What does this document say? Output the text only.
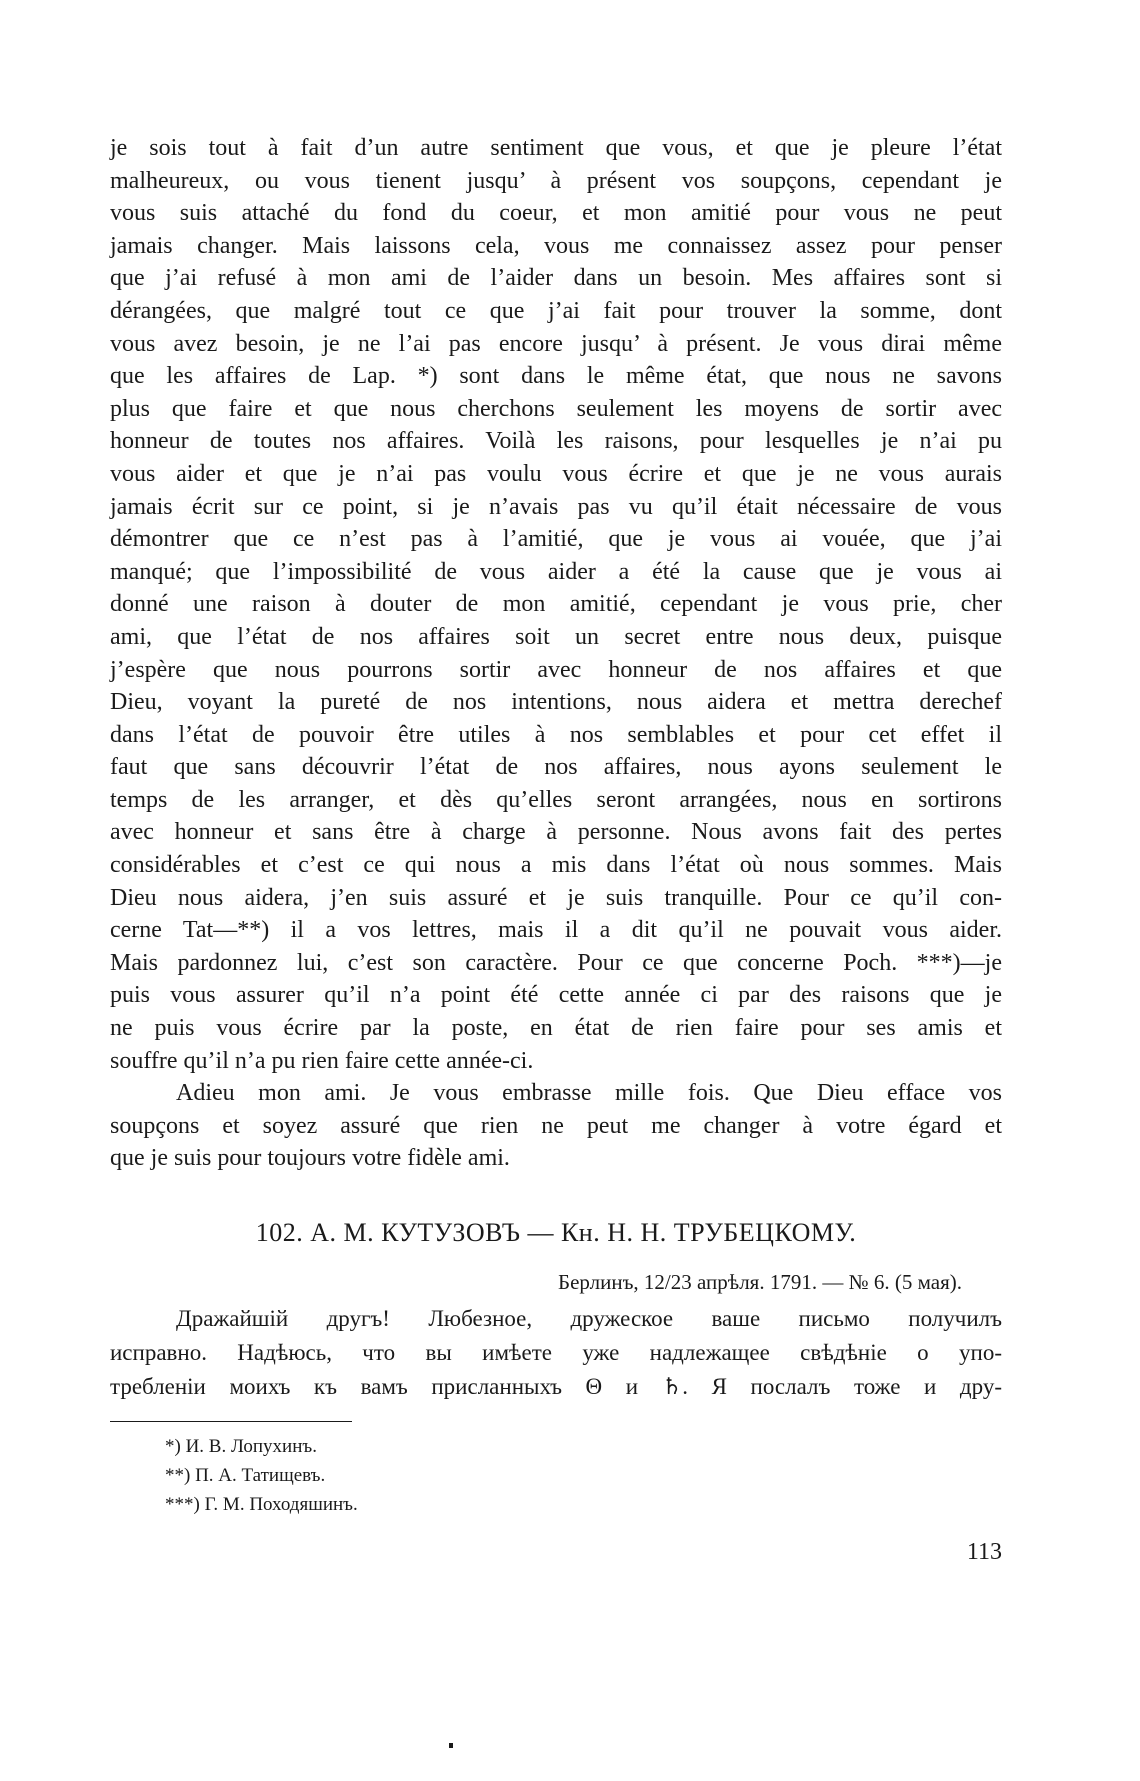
je sois tout à fait d’un autre sentiment que vous, et que je pleure l’état
malheureux, ou vous tienent jusqu’ à présent vos soupçons, cependant je
vous suis attaché du fond du coeur, et mon amitié pour vous ne peut
jamais changer. Mais laissons cela, vous me connaissez assez pour penser
que j’ai refusé à mon ami de l’aider dans un besoin. Mes affaires sont si
dérangées, que malgré tout ce que j’ai fait pour trouver la somme, dont
vous avez besoin, je ne l’ai pas encore jusqu’ à présent. Je vous dirai même
que les affaires de Lap. *) sont dans le même état, que nous ne savons
plus que faire et que nous cherchons seulement les moyens de sortir avec
honneur de toutes nos affaires. Voilà les raisons, pour lesquelles je n’ai pu
vous aider et que je n’ai pas voulu vous écrire et que je ne vous aurais
jamais écrit sur ce point, si je n’avais pas vu qu’il était nécessaire de vous
démontrer que ce n’est pas à l’amitié, que je vous ai vouée, que j’ai
manqué; que l’impossibilité de vous aider a été la cause que je vous ai
donné une raison à douter de mon amitié, cependant je vous prie, cher
ami, que l’état de nos affaires soit un secret entre nous deux, puisque
j’espère que nous pourrons sortir avec honneur de nos affaires et que
Dieu, voyant la pureté de nos intentions, nous aidera et mettra derechef
dans l’état de pouvoir être utiles à nos semblables et pour cet effet il
faut que sans découvrir l’état de nos affaires, nous ayons seulement le
temps de les arranger, et dès qu’elles seront arrangées, nous en sortirons
avec honneur et sans être à charge à personne. Nous avons fait des pertes
considérables et c’est ce qui nous a mis dans l’état où nous sommes. Mais
Dieu nous aidera, j’en suis assuré et je suis tranquille. Pour ce qu’il con-
cerne Tat—**) il a vos lettres, mais il a dit qu’il ne pouvait vous aider.
Mais pardonnez lui, c’est son caractère. Pour ce que concerne Poch. ***)—je
puis vous assurer qu’il n’a point été cette année ci par des raisons que je
ne puis vous écrire par la poste, en état de rien faire pour ses amis et
souffre qu’il n’a pu rien faire cette année-ci.
Adieu mon ami. Je vous embrasse mille fois. Que Dieu efface vos
soupçons et soyez assuré que rien ne peut me changer à votre égard et
que je suis pour toujours votre fidèle ami.
102. А. М. КУТУЗОВЪ — Кн. Н. Н. ТРУБЕЦКОМУ.
Берлинъ, 12/23 апрѣля. 1791. — № 6. (5 мая).
Дражайшій другъ! Любезное, дружеское ваше письмо получилъ
исправно. Надѣюсь, что вы имѣете уже надлежащее свѣдѣніе о упо-
требленіи моихъ къ вамъ присланныхъ Θ и ♄. Я послалъ тоже и дру-
*) И. В. Лопухинъ.
**) П. А. Татищевъ.
***) Г. М. Походяшинъ.
113
